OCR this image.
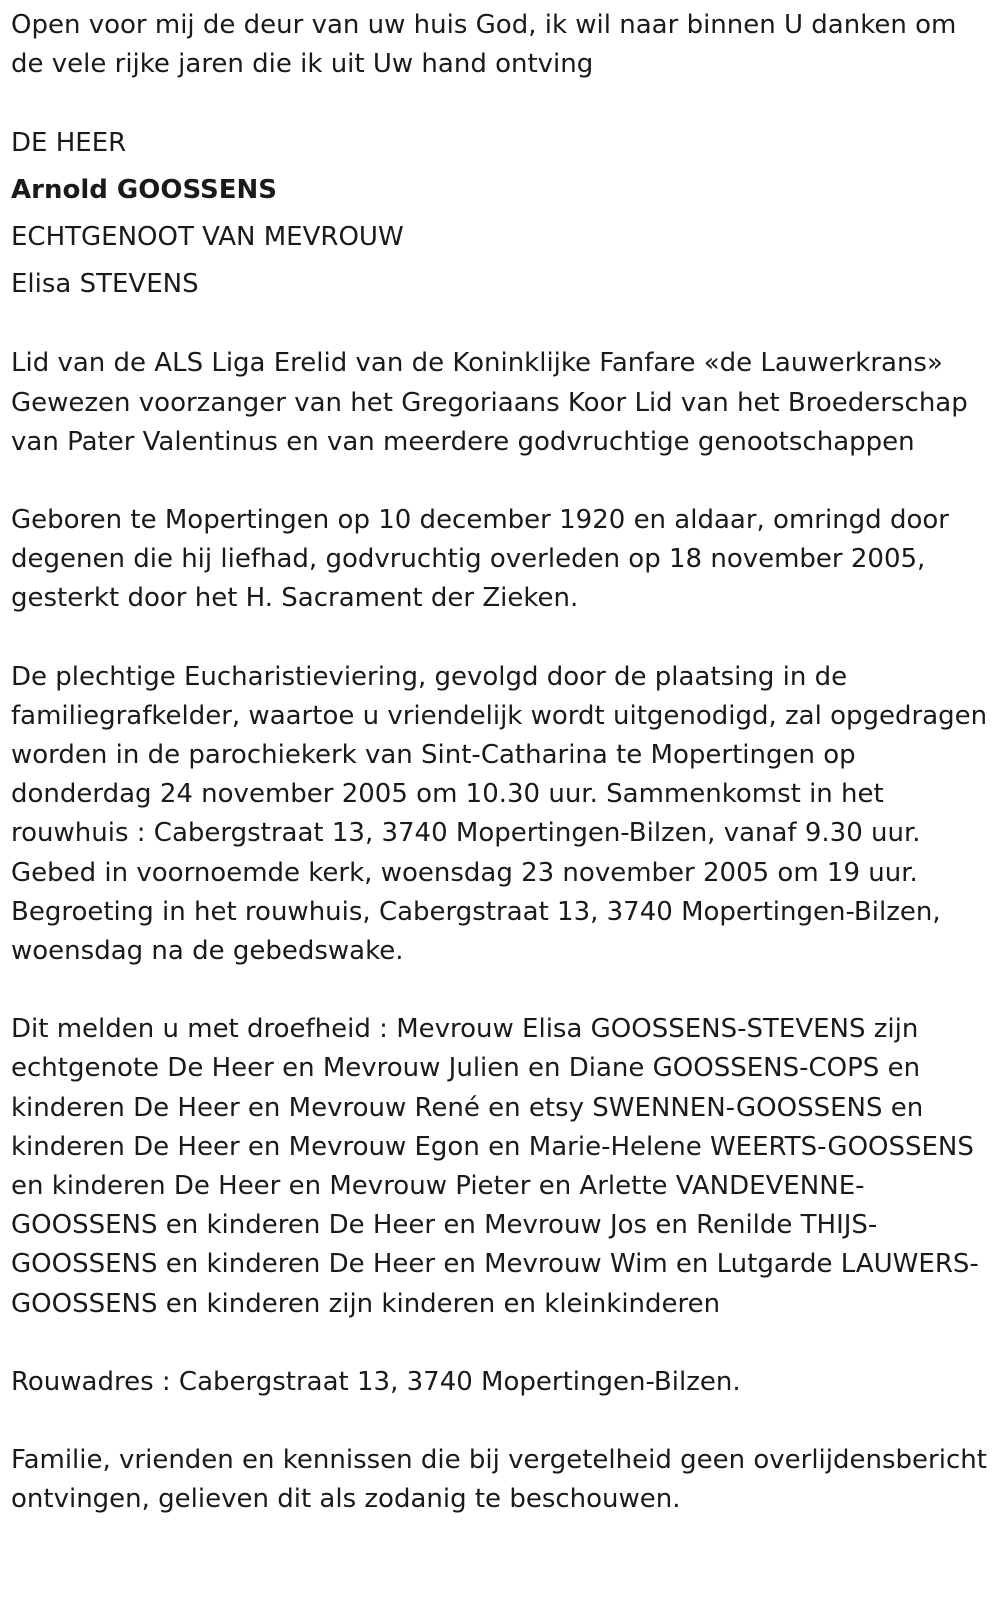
Open voor mij de deur van uw huis God, ik wil naar binnen U danken om de vele rijke jaren die ik uit Uw hand ontving

DE HEER

Arnold GOOSSENS

ECHTGENOOT VAN MEVROUW

Elisa STEVENS

Lid van de ALS Liga Erelid van de Koninklijke Fanfare «de Lauwerkrans» Gewezen voorzanger van het Gregoriaans Koor Lid van het Broederschap van Pater Valentinus en van meerdere godvruchtige genootschappen

Geboren te Mopertingen op 10 december 1920 en aldaar, omringd door degenen die hij liefhad, godvruchtig overleden op 18 november 2005, gesterkt door het H. Sacrament der Zieken.

De plechtige Eucharistieviering, gevolgd door de plaatsing in de familiegrafkelder, waartoe u vriendelijk wordt uitgenodigd, zal opgedragen worden in de parochiekerk van Sint-Catharina te Mopertingen op donderdag 24 november 2005 om 10.30 uur. Sammenkomst in het rouwhuis : Cabergstraat 13, 3740 Mopertingen-Bilzen, vanaf 9.30 uur. Gebed in voornoemde kerk, woensdag 23 november 2005 om 19 uur. Begroeting in het rouwhuis, Cabergstraat 13, 3740 Mopertingen-Bilzen, woensdag na de gebedswake.

Dit melden u met droefheid : Mevrouw Elisa GOOSSENS-STEVENS zijn echtgenote De Heer en Mevrouw Julien en Diane GOOSSENS-COPS en kinderen De Heer en Mevrouw René en etsy SWENNEN-GOOSSENS en kinderen De Heer en Mevrouw Egon en Marie-Helene WEERTS-GOOSSENS en kinderen De Heer en Mevrouw Pieter en Arlette VANDEVENNE-GOOSSENS en kinderen De Heer en Mevrouw Jos en Renilde THIJS-GOOSSENS en kinderen De Heer en Mevrouw Wim en Lutgarde LAUWERS-GOOSSENS en kinderen zijn kinderen en kleinkinderen

Rouwadres : Cabergstraat 13, 3740 Mopertingen-Bilzen.

Familie, vrienden en kennissen die bij vergetelheid geen overlijdensbericht ontvingen, gelieven dit als zodanig te beschouwen.
